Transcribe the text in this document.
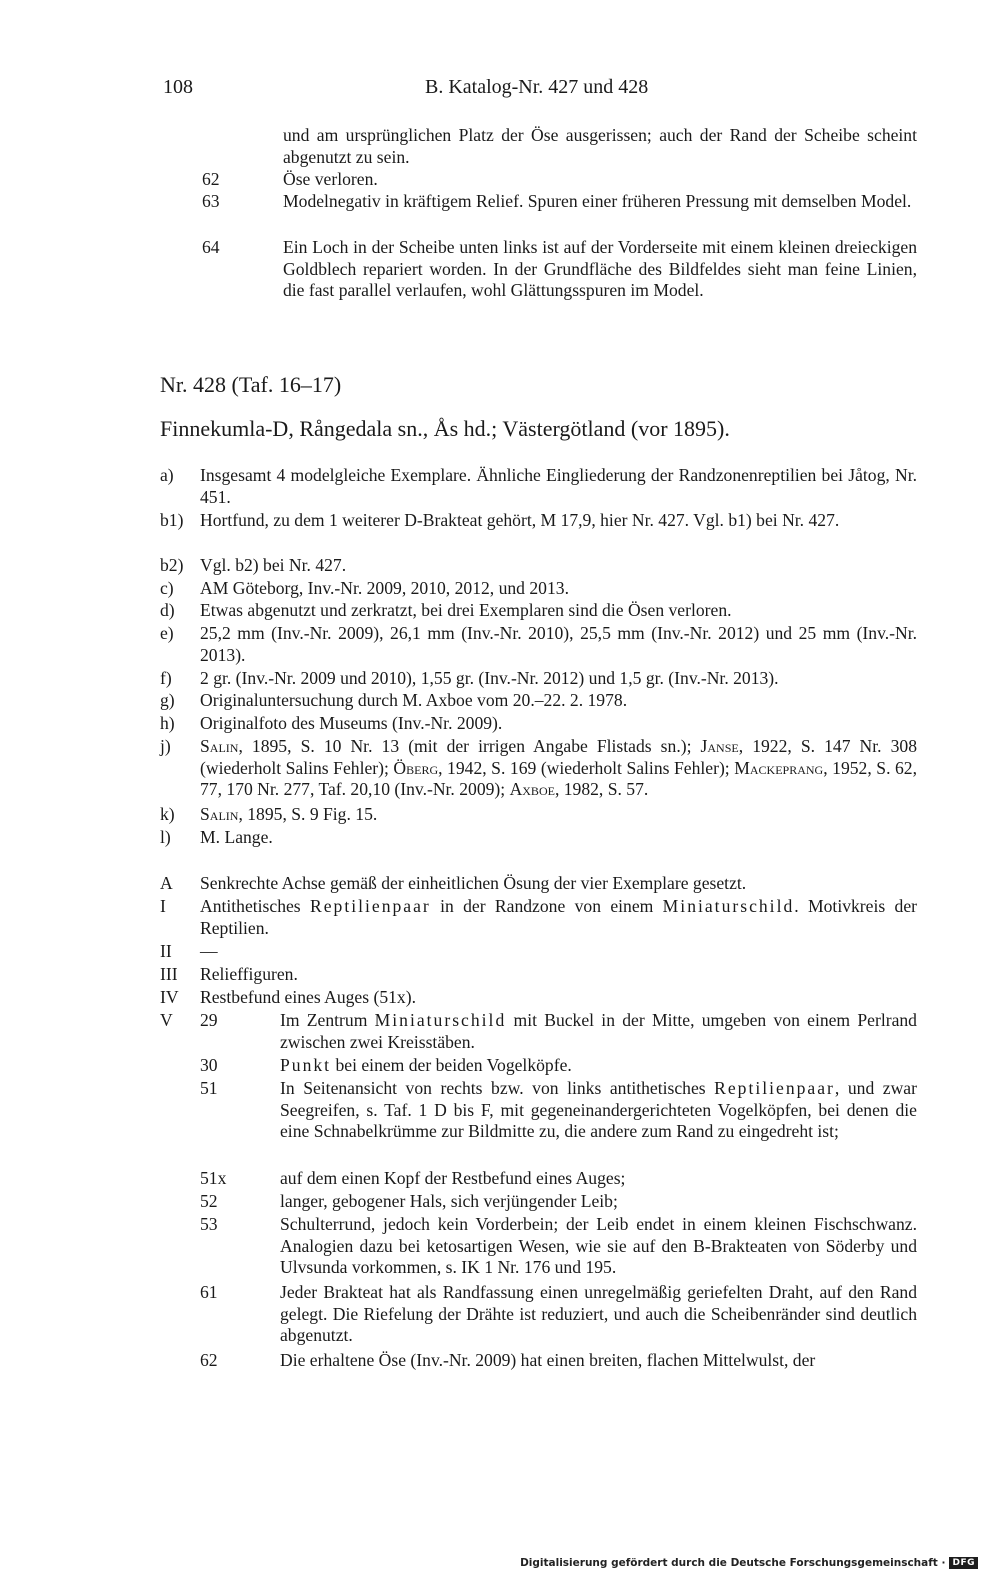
108	B. Katalog-Nr. 427 und 428
und am ursprünglichen Platz der Öse ausgerissen; auch der Rand der Scheibe scheint abgenutzt zu sein.
62	Öse verloren.
63	Modelnegativ in kräftigem Relief. Spuren einer früheren Pressung mit demselben Model.
64	Ein Loch in der Scheibe unten links ist auf der Vorderseite mit einem kleinen dreieckigen Goldblech repariert worden. In der Grundfläche des Bildfeldes sieht man feine Linien, die fast parallel verlaufen, wohl Glättungsspuren im Model.
Nr. 428 (Taf. 16–17)
Finnekumla-D, Rångedala sn., Ås hd.; Västergötland (vor 1895).
a) Insgesamt 4 modelgleiche Exemplare. Ähnliche Eingliederung der Randzonenreptilien bei Jåtog, Nr. 451.
b1) Hortfund, zu dem 1 weiterer D-Brakteat gehört, M 17,9, hier Nr. 427. Vgl. b1) bei Nr. 427.
b2) Vgl. b2) bei Nr. 427.
c) AM Göteborg, Inv.-Nr. 2009, 2010, 2012, und 2013.
d) Etwas abgenutzt und zerkratzt, bei drei Exemplaren sind die Ösen verloren.
e) 25,2 mm (Inv.-Nr. 2009), 26,1 mm (Inv.-Nr. 2010), 25,5 mm (Inv.-Nr. 2012) und 25 mm (Inv.-Nr. 2013).
f) 2 gr. (Inv.-Nr. 2009 und 2010), 1,55 gr. (Inv.-Nr. 2012) und 1,5 gr. (Inv.-Nr. 2013).
g) Originaluntersuchung durch M. Axboe vom 20.–22. 2. 1978.
h) Originalfoto des Museums (Inv.-Nr. 2009).
j) Salin, 1895, S. 10 Nr. 13 (mit der irrigen Angabe Flistads sn.); Janse, 1922, S. 147 Nr. 308 (wiederholt Salins Fehler); Öberg, 1942, S. 169 (wiederholt Salins Fehler); Mackeprang, 1952, S. 62, 77, 170 Nr. 277, Taf. 20,10 (Inv.-Nr. 2009); Axboe, 1982, S. 57.
k) Salin, 1895, S. 9 Fig. 15.
l) M. Lange.
A Senkrechte Achse gemäß der einheitlichen Ösung der vier Exemplare gesetzt.
I Antithetisches Reptilienpaar in der Randzone von einem Miniaturschild. Motivkreis der Reptilien.
II —
III Relieffiguren.
IV Restbefund eines Auges (51x).
V 29	Im Zentrum Miniaturschild mit Buckel in der Mitte, umgeben von einem Perlrand zwischen zwei Kreisstäben.
30	Punkt bei einem der beiden Vogelköpfe.
51	In Seitenansicht von rechts bzw. von links antithetisches Reptilienpaar, und zwar Seegreifen, s. Taf. 1 D bis F, mit gegeneinandergerichteten Vogelköpfen, bei denen die eine Schnabelkrümme zur Bildmitte zu, die andere zum Rand zu eingedreht ist;
51x	auf dem einen Kopf der Restbefund eines Auges;
52	langer, gebogener Hals, sich verjüngender Leib;
53	Schulterrund, jedoch kein Vorderbein; der Leib endet in einem kleinen Fischschwanz. Analogien dazu bei ketosartigen Wesen, wie sie auf den B-Brakteaten von Söderby und Ulvsunda vorkommen, s. IK 1 Nr. 176 und 195.
61	Jeder Brakteat hat als Randfassung einen unregelmäßig geriefelten Draht, auf den Rand gelegt. Die Riefelung der Drähte ist reduziert, und auch die Scheibenränder sind deutlich abgenutzt.
62	Die erhaltene Öse (Inv.-Nr. 2009) hat einen breiten, flachen Mittelwulst, der
Digitalisierung gefördert durch die Deutsche Forschungsgemeinschaft · DFG
